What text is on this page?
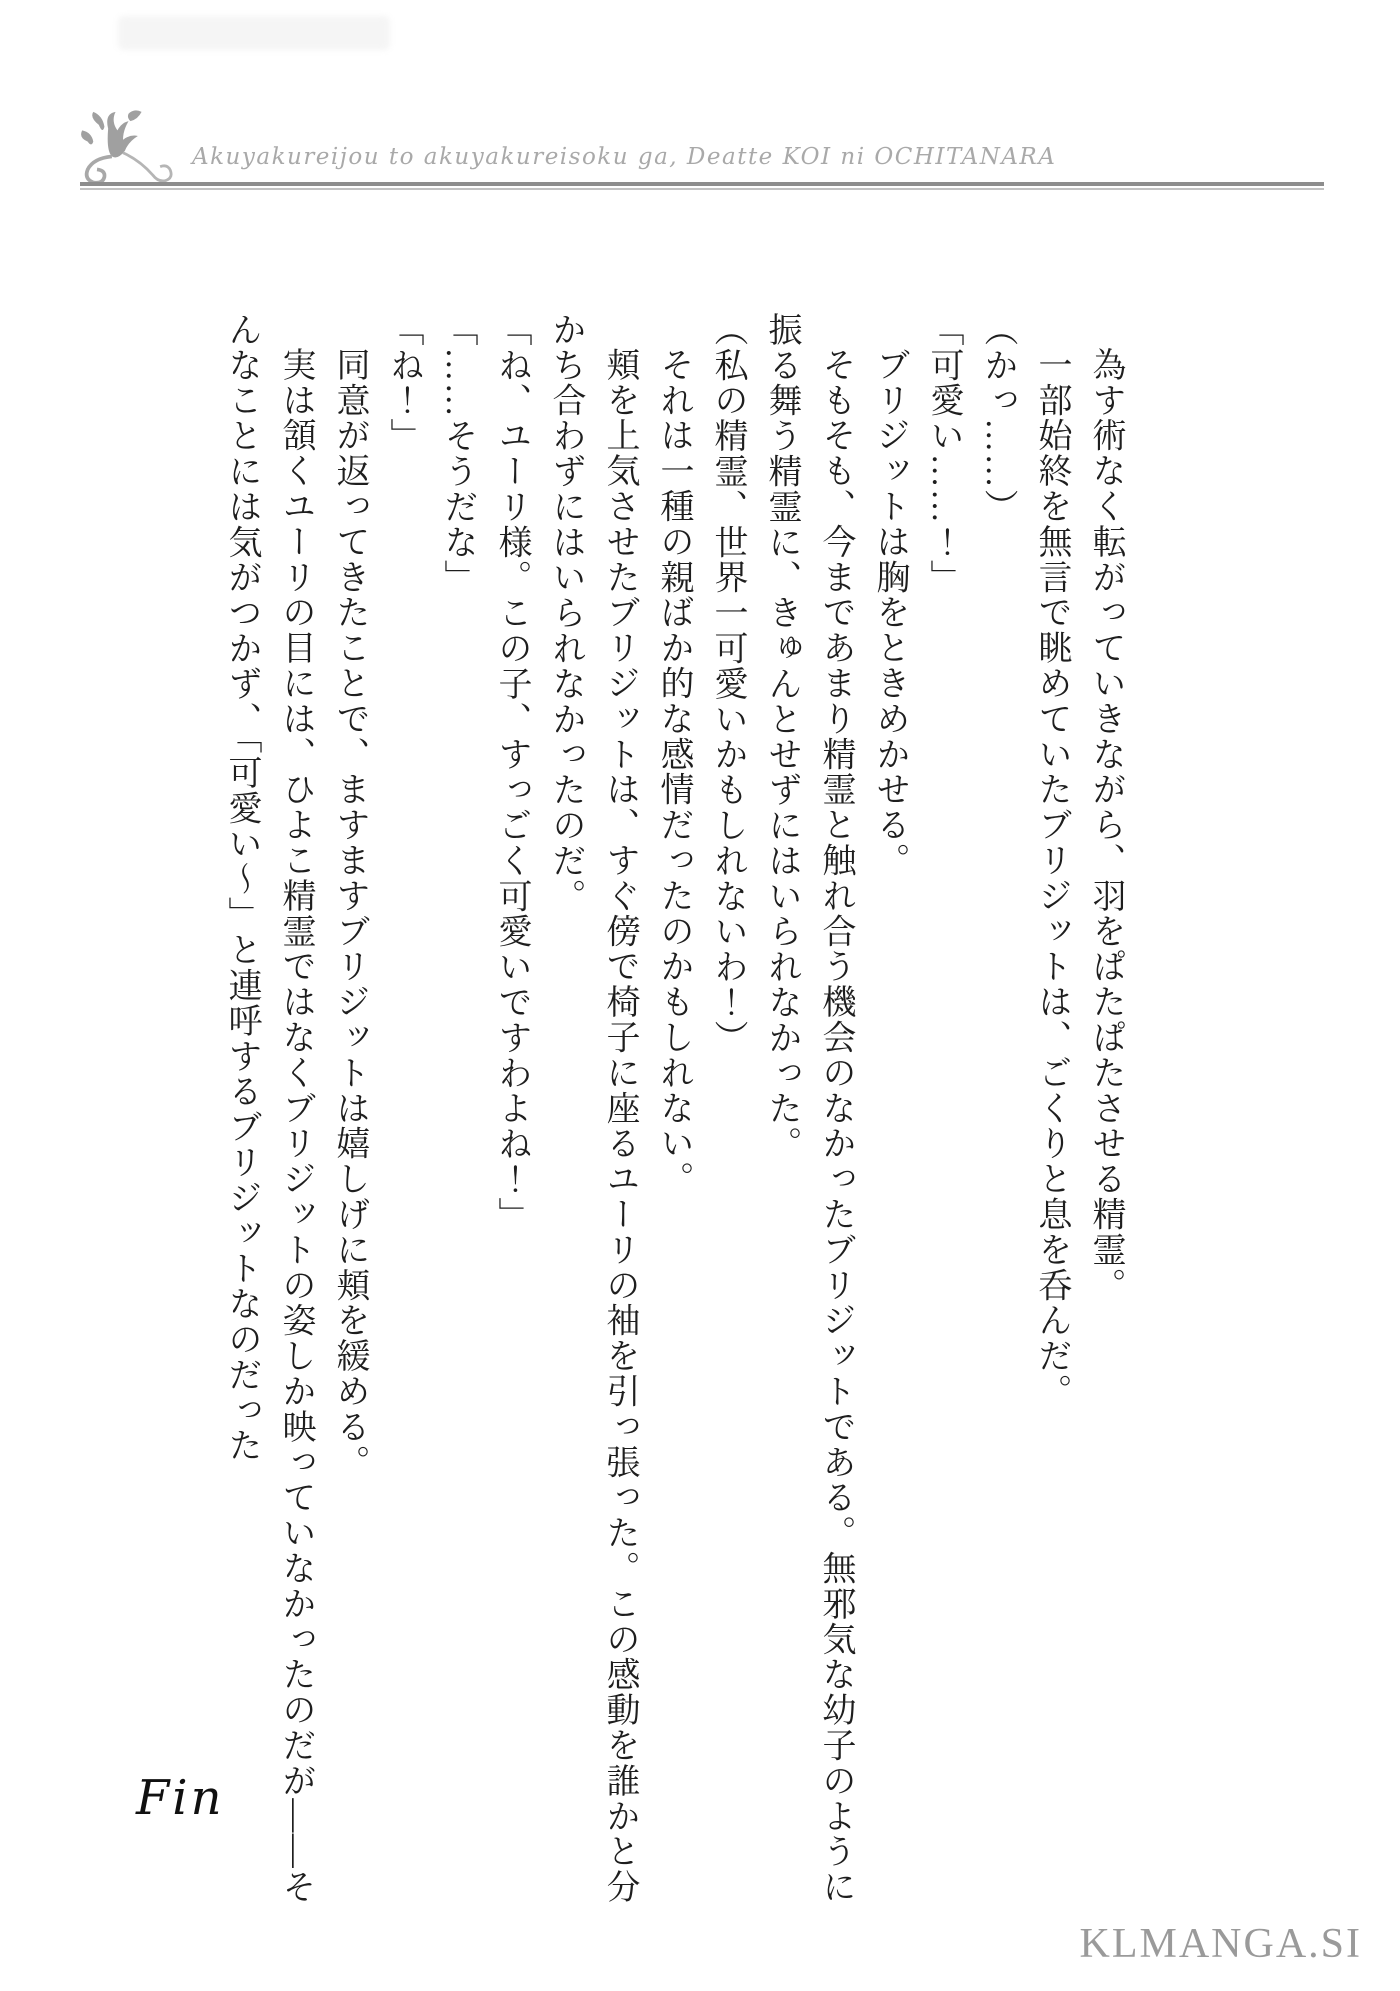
Akuyakureijou to akuyakureisoku ga, Deatte KOI ni OCHITANARA

為す術なく転がっていきながら、羽をぱたぱたさせる精霊。

一部始終を無言で眺めていたブリジットは、ごくりと息を呑んだ。

（かっ……）

「可愛い……！」

ブリジットは胸をときめかせる。

そもそも、今まであまり精霊と触れ合う機会のなかったブリジットである。無邪気な幼子のように振る舞う精霊に、きゅんとせずにはいられなかった。

（私の精霊、世界一可愛いかもしれないわ！）

それは一種の親ばか的な感情だったのかもしれない。

頬を上気させたブリジットは、すぐ傍で椅子に座るユーリの袖を引っ張った。この感動を誰かと分かち合わずにはいられなかったのだ。

「ね、ユーリ様。この子、すっごく可愛いですわよね！」

「……そうだな」

「ね！」

同意が返ってきたことで、ますますブリジットは嬉しげに頬を緩める。

実は頷くユーリの目には、ひよこ精霊ではなくブリジットの姿しか映っていなかったのだが——そんなことには気がつかず、「可愛い〜」と連呼するブリジットなのだった

Fin
KLMANGA.SI
